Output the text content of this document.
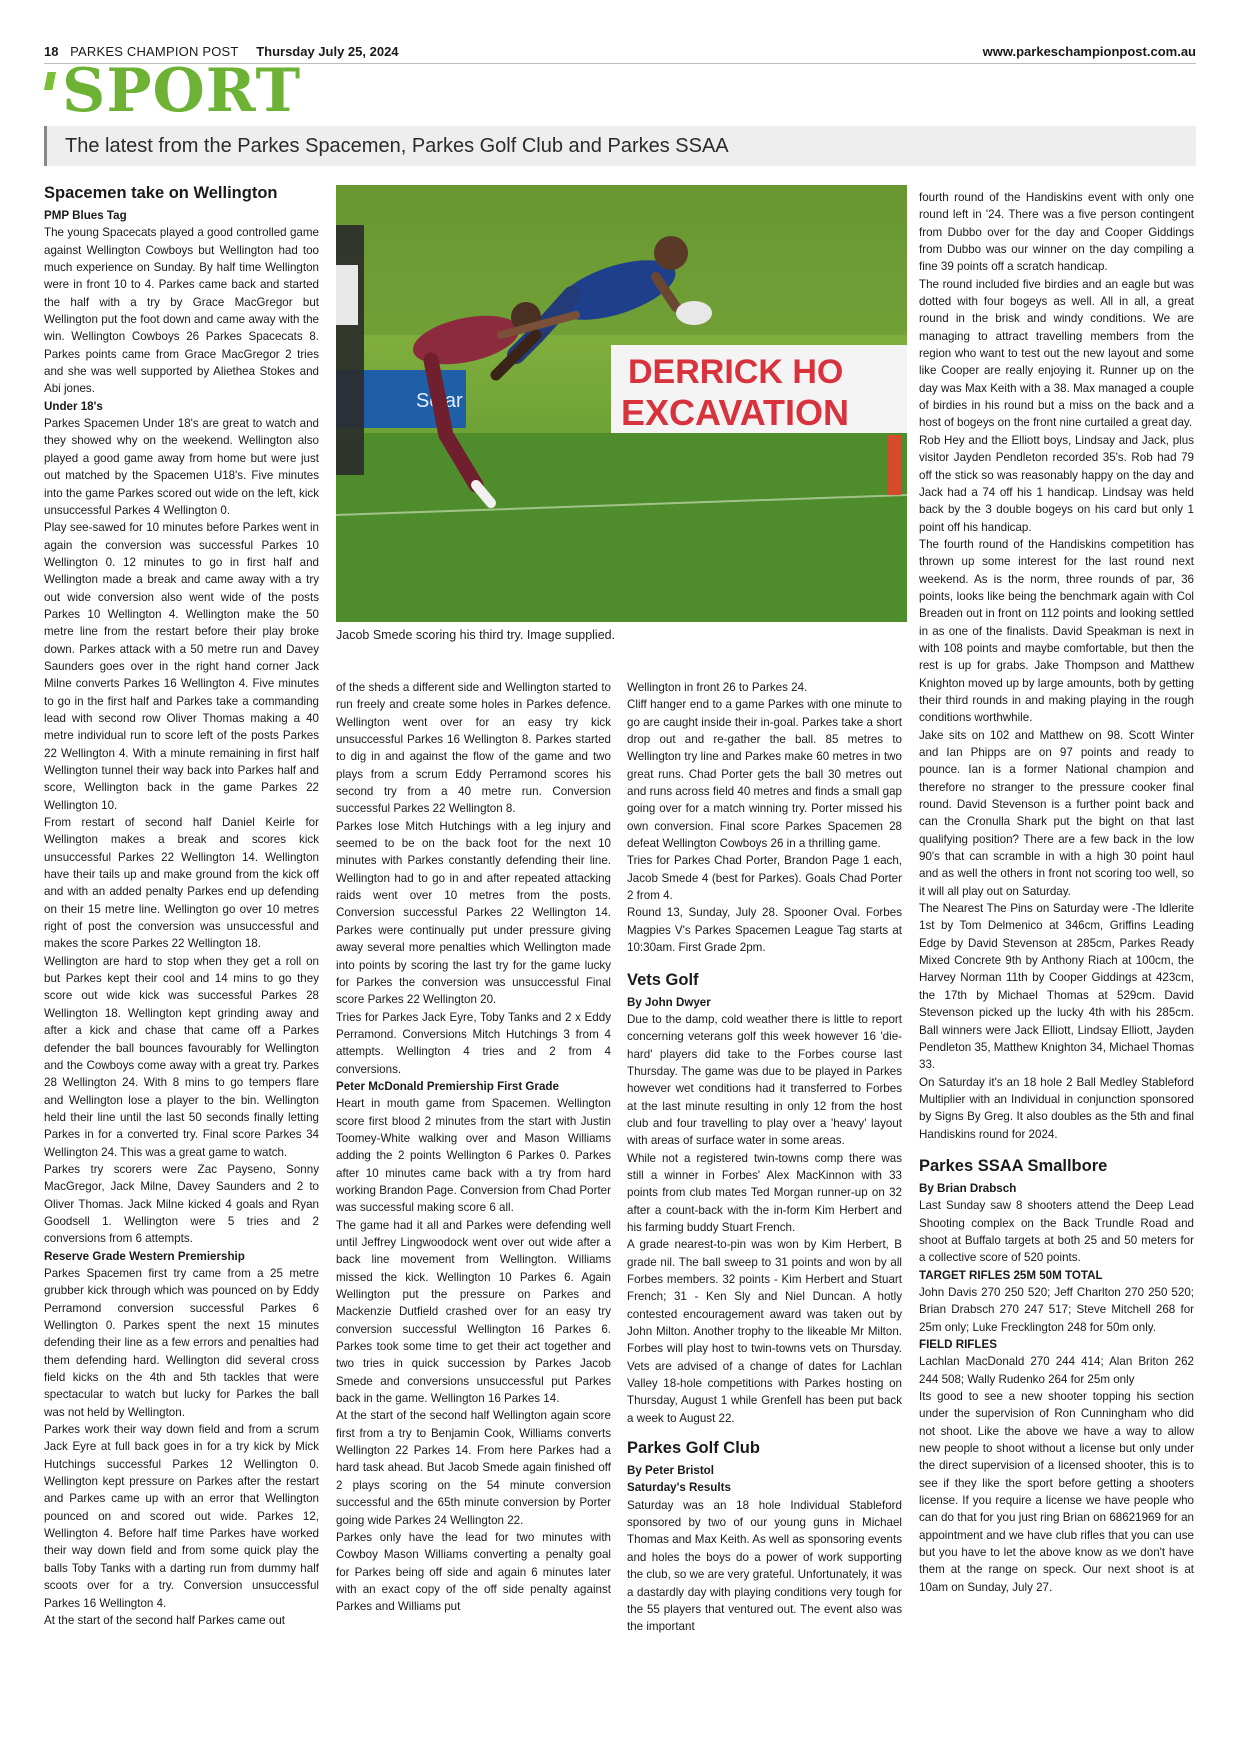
18 PARKES CHAMPION POST Thursday July 25, 2024	www.parkeschampionpost.com.au
SPORT
The latest from the Parkes Spacemen, Parkes Golf Club and Parkes SSAA
Spacemen take on Wellington

PMP Blues Tag

The young Spacecats played a good controlled game against Wellington Cowboys but Wellington had too much experience on Sunday. By half time Wellington were in front 10 to 4. Parkes came back and started the half with a try by Grace MacGregor but Wellington put the foot down and came away with the win. Wellington Cowboys 26 Parkes Spacecats 8. Parkes points came from Grace MacGregor 2 tries and she was well supported by Aliethea Stokes and Abi jones.

Under 18's

Parkes Spacemen Under 18's are great to watch and they showed why on the weekend. Wellington also played a good game away from home but were just out matched by the Spacemen U18's. Five minutes into the game Parkes scored out wide on the left, kick unsuccessful Parkes 4 Wellington 0.

Play see-sawed for 10 minutes before Parkes went in again the conversion was successful Parkes 10 Wellington 0. 12 minutes to go in first half and Wellington made a break and came away with a try out wide conversion also went wide of the posts Parkes 10 Wellington 4. Wellington make the 50 metre line from the restart before their play broke down. Parkes attack with a 50 metre run and Davey Saunders goes over in the right hand corner Jack Milne converts Parkes 16 Wellington 4. Five minutes to go in the first half and Parkes take a commanding lead with second row Oliver Thomas making a 40 metre individual run to score left of the posts Parkes 22 Wellington 4. With a minute remaining in first half Wellington tunnel their way back into Parkes half and score, Wellington back in the game Parkes 22 Wellington 10.

From restart of second half Daniel Keirle for Wellington makes a break and scores kick unsuccessful Parkes 22 Wellington 14. Wellington have their tails up and make ground from the kick off and with an added penalty Parkes end up defending on their 15 metre line. Wellington go over 10 metres right of post the conversion was unsuccessful and makes the score Parkes 22 Wellington 18.

Wellington are hard to stop when they get a roll on but Parkes kept their cool and 14 mins to go they score out wide kick was successful Parkes 28 Wellington 18. Wellington kept grinding away and after a kick and chase that came off a Parkes defender the ball bounces favourably for Wellington and the Cowboys come away with a great try. Parkes 28 Wellington 24. With 8 mins to go tempers flare and Wellington lose a player to the bin. Wellington held their line until the last 50 seconds finally letting Parkes in for a converted try. Final score Parkes 34 Wellington 24. This was a great game to watch.

Parkes try scorers were Zac Payseno, Sonny MacGregor, Jack Milne, Davey Saunders and 2 to Oliver Thomas. Jack Milne kicked 4 goals and Ryan Goodsell 1. Wellington were 5 tries and 2 conversions from 6 attempts.

Reserve Grade Western Premiership

Parkes Spacemen first try came from a 25 metre grubber kick through which was pounced on by Eddy Perramond conversion successful Parkes 6 Wellington 0. Parkes spent the next 15 minutes defending their line as a few errors and penalties had them defending hard. Wellington did several cross field kicks on the 4th and 5th tackles that were spectacular to watch but lucky for Parkes the ball was not held by Wellington.

Parkes work their way down field and from a scrum Jack Eyre at full back goes in for a try kick by Mick Hutchings successful Parkes 12 Wellington 0. Wellington kept pressure on Parkes after the restart and Parkes came up with an error that Wellington pounced on and scored out wide. Parkes 12, Wellington 4. Before half time Parkes have worked their way down field and from some quick play the balls Toby Tanks with a darting run from dummy half scoots over for a try. Conversion unsuccessful Parkes 16 Wellington 4.

At the start of the second half Parkes came out

Solar
DERRICK HO
EXCAVATION
Jacob Smede scoring his third try. Image supplied.

of the sheds a different side and Wellington started to run freely and create some holes in Parkes defence. Wellington went over for an easy try kick unsuccessful Parkes 16 Wellington 8. Parkes started to dig in and against the flow of the game and two plays from a scrum Eddy Perramond scores his second try from a 40 metre run. Conversion successful Parkes 22 Wellington 8.

Parkes lose Mitch Hutchings with a leg injury and seemed to be on the back foot for the next 10 minutes with Parkes constantly defending their line. Wellington had to go in and after repeated attacking raids went over 10 metres from the posts. Conversion successful Parkes 22 Wellington 14. Parkes were continually put under pressure giving away several more penalties which Wellington made into points by scoring the last try for the game lucky for Parkes the conversion was unsuccessful Final score Parkes 22 Wellington 20.

Tries for Parkes Jack Eyre, Toby Tanks and 2 x Eddy Perramond. Conversions Mitch Hutchings 3 from 4 attempts. Wellington 4 tries and 2 from 4 conversions.

Peter McDonald Premiership First Grade

Heart in mouth game from Spacemen. Wellington score first blood 2 minutes from the start with Justin Toomey-White walking over and Mason Williams adding the 2 points Wellington 6 Parkes 0. Parkes after 10 minutes came back with a try from hard working Brandon Page. Conversion from Chad Porter was successful making score 6 all.

The game had it all and Parkes were defending well until Jeffrey Lingwoodock went over out wide after a back line movement from Wellington. Williams missed the kick. Wellington 10 Parkes 6. Again Wellington put the pressure on Parkes and Mackenzie Dutfield crashed over for an easy try conversion successful Wellington 16 Parkes 6. Parkes took some time to get their act together and two tries in quick succession by Parkes Jacob Smede and conversions unsuccessful put Parkes back in the game. Wellington 16 Parkes 14.

At the start of the second half Wellington again score first from a try to Benjamin Cook, Williams converts Wellington 22 Parkes 14. From here Parkes had a hard task ahead. But Jacob Smede again finished off 2 plays scoring on the 54 minute conversion successful and the 65th minute conversion by Porter going wide Parkes 24 Wellington 22.

Parkes only have the lead for two minutes with Cowboy Mason Williams converting a penalty goal for Parkes being off side and again 6 minutes later with an exact copy of the off side penalty against Parkes and Williams put

Wellington in front 26 to Parkes 24.

Cliff hanger end to a game Parkes with one minute to go are caught inside their in-goal. Parkes take a short drop out and re-gather the ball. 85 metres to Wellington try line and Parkes make 60 metres in two great runs. Chad Porter gets the ball 30 metres out and runs across field 40 metres and finds a small gap going over for a match winning try. Porter missed his own conversion. Final score Parkes Spacemen 28 defeat Wellington Cowboys 26 in a thrilling game.

Tries for Parkes Chad Porter, Brandon Page 1 each, Jacob Smede 4 (best for Parkes). Goals Chad Porter 2 from 4.

Round 13, Sunday, July 28. Spooner Oval. Forbes Magpies V's Parkes Spacemen League Tag starts at 10:30am. First Grade 2pm.

Vets Golf

By John Dwyer

Due to the damp, cold weather there is little to report concerning veterans golf this week however 16 'die-hard' players did take to the Forbes course last Thursday. The game was due to be played in Parkes however wet conditions had it transferred to Forbes at the last minute resulting in only 12 from the host club and four travelling to play over a 'heavy' layout with areas of surface water in some areas.

While not a registered twin-towns comp there was still a winner in Forbes' Alex MacKinnon with 33 points from club mates Ted Morgan runner-up on 32 after a count-back with the in-form Kim Herbert and his farming buddy Stuart French.

A grade nearest-to-pin was won by Kim Herbert, B grade nil. The ball sweep to 31 points and won by all Forbes members. 32 points - Kim Herbert and Stuart French; 31 - Ken Sly and Niel Duncan. A hotly contested encouragement award was taken out by John Milton. Another trophy to the likeable Mr Milton. Forbes will play host to twin-towns vets on Thursday. Vets are advised of a change of dates for Lachlan Valley 18-hole competitions with Parkes hosting on Thursday, August 1 while Grenfell has been put back a week to August 22.

Parkes Golf Club

By Peter Bristol

Saturday's Results

Saturday was an 18 hole Individual Stableford sponsored by two of our young guns in Michael Thomas and Max Keith. As well as sponsoring events and holes the boys do a power of work supporting the club, so we are very grateful. Unfortunately, it was a dastardly day with playing conditions very tough for the 55 players that ventured out. The event also was the important

fourth round of the Handiskins event with only one round left in '24. There was a five person contingent from Dubbo over for the day and Cooper Giddings from Dubbo was our winner on the day compiling a fine 39 points off a scratch handicap.

The round included five birdies and an eagle but was dotted with four bogeys as well. All in all, a great round in the brisk and windy conditions. We are managing to attract travelling members from the region who want to test out the new layout and some like Cooper are really enjoying it. Runner up on the day was Max Keith with a 38. Max managed a couple of birdies in his round but a miss on the back and a host of bogeys on the front nine curtailed a great day.

Rob Hey and the Elliott boys, Lindsay and Jack, plus visitor Jayden Pendleton recorded 35's. Rob had 79 off the stick so was reasonably happy on the day and Jack had a 74 off his 1 handicap. Lindsay was held back by the 3 double bogeys on his card but only 1 point off his handicap.

The fourth round of the Handiskins competition has thrown up some interest for the last round next weekend. As is the norm, three rounds of par, 36 points, looks like being the benchmark again with Col Breaden out in front on 112 points and looking settled in as one of the finalists. David Speakman is next in with 108 points and maybe comfortable, but then the rest is up for grabs. Jake Thompson and Matthew Knighton moved up by large amounts, both by getting their third rounds in and making playing in the rough conditions worthwhile.

Jake sits on 102 and Matthew on 98. Scott Winter and Ian Phipps are on 97 points and ready to pounce. Ian is a former National champion and therefore no stranger to the pressure cooker final round. David Stevenson is a further point back and can the Cronulla Shark put the bight on that last qualifying position? There are a few back in the low 90's that can scramble in with a high 30 point haul and as well the others in front not scoring too well, so it will all play out on Saturday.

The Nearest The Pins on Saturday were -The Idlerite 1st by Tom Delmenico at 346cm, Griffins Leading Edge by David Stevenson at 285cm, Parkes Ready Mixed Concrete 9th by Anthony Riach at 100cm, the Harvey Norman 11th by Cooper Giddings at 423cm, the 17th by Michael Thomas at 529cm. David Stevenson picked up the lucky 4th with his 285cm. Ball winners were Jack Elliott, Lindsay Elliott, Jayden Pendleton 35, Matthew Knighton 34, Michael Thomas 33.

On Saturday it's an 18 hole 2 Ball Medley Stableford Multiplier with an Individual in conjunction sponsored by Signs By Greg. It also doubles as the 5th and final Handiskins round for 2024.

Parkes SSAA Smallbore

By Brian Drabsch

Last Sunday saw 8 shooters attend the Deep Lead Shooting complex on the Back Trundle Road and shoot at Buffalo targets at both 25 and 50 meters for a collective score of 520 points.

TARGET RIFLES 25M 50M TOTAL

John Davis 270 250 520; Jeff Charlton 270 250 520; Brian Drabsch 270 247 517; Steve Mitchell 268 for 25m only; Luke Frecklington 248 for 50m only.

FIELD RIFLES

Lachlan MacDonald 270 244 414; Alan Briton 262 244 508; Wally Rudenko 264 for 25m only

Its good to see a new shooter topping his section under the supervision of Ron Cunningham who did not shoot. Like the above we have a way to allow new people to shoot without a license but only under the direct supervision of a licensed shooter, this is to see if they like the sport before getting a shooters license. If you require a license we have people who can do that for you just ring Brian on 68621969 for an appointment and we have club rifles that you can use but you have to let the above know as we don't have them at the range on speck. Our next shoot is at 10am on Sunday, July 27.
